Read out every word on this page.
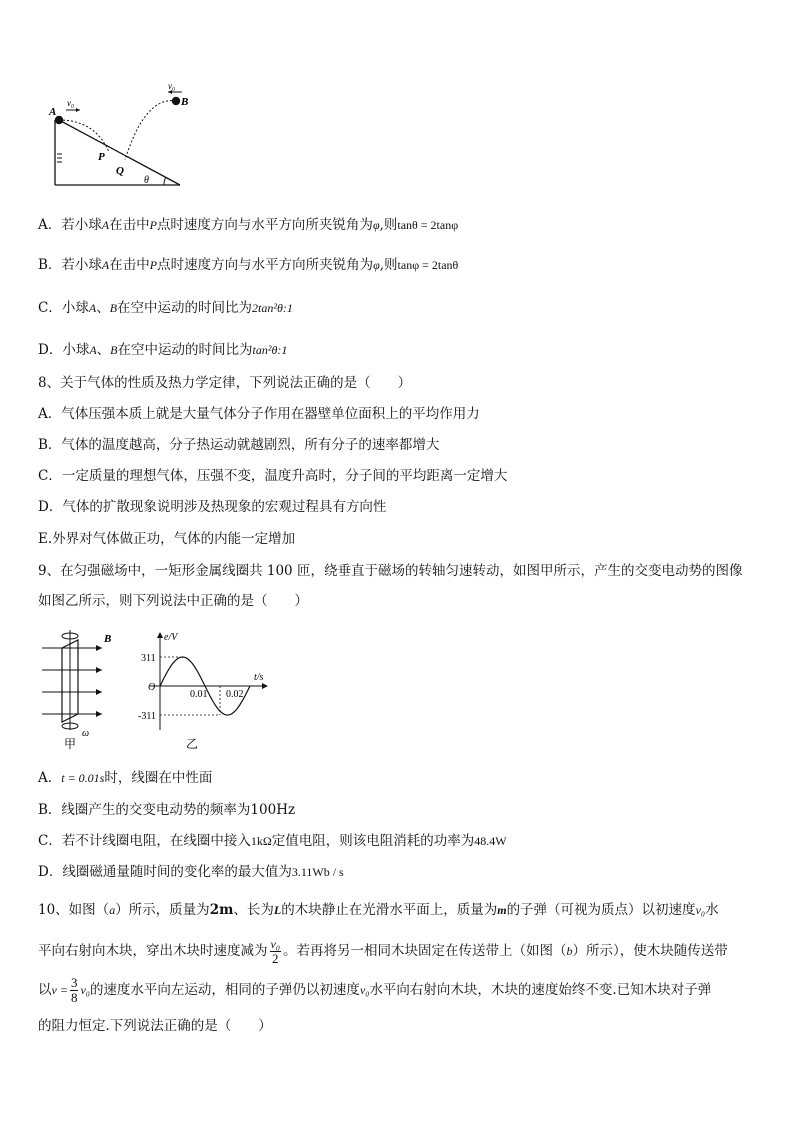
A
B
P
Q
θ
v₀
v₀
A．若小球A在击中P点时速度方向与水平方向所夹锐角为φ,则tanθ = 2tanφ
B．若小球A在击中P点时速度方向与水平方向所夹锐角为φ,则tanφ = 2tanθ
C．小球A、B在空中运动的时间比为2tan²θ:1
D．小球A、B在空中运动的时间比为tan²θ:1
8、关于气体的性质及热力学定律，下列说法正确的是（　　）
A．气体压强本质上就是大量气体分子作用在器壁单位面积上的平均作用力
B．气体的温度越高，分子热运动就越剧烈，所有分子的速率都增大
C．一定质量的理想气体，压强不变，温度升高时，分子间的平均距离一定增大
D．气体的扩散现象说明涉及热现象的宏观过程具有方向性
E.外界对气体做正功，气体的内能一定增加
9、在匀强磁场中，一矩形金属线圈共 100 匝，绕垂直于磁场的转轴匀速转动，如图甲所示，产生的交变电动势的图像
如图乙所示，则下列说法中正确的是（　　）
B
ω
甲
e/V
t/s
O
311
-311
0.01 0.02
乙
A．t = 0.01s时，线圈在中性面
B．线圈产生的交变电动势的频率为100Hz
C．若不计线圈电阻，在线圈中接入1kΩ定值电阻，则该电阻消耗的功率为48.4W
D．线圈磁通量随时间的变化率的最大值为3.11Wb / s
10、如图（a）所示，质量为2m、长为L的木块静止在光滑水平面上，质量为m的子弹（可视为质点）以初速度v₀水
平向右射向木块，穿出木块时速度减为 $\frac{\text{v₀}}{2}$ 。若再将另一相同木块固定在传送带上（如图（b）所示），使木块随传送带
以$v = \frac{3}{8} v_0$的速度水平向左运动，相同的子弹仍以初速度v₀水平向右射向木块，木块的速度始终不变.已知木块对子弹
的阻力恒定.下列说法正确的是（　　）
